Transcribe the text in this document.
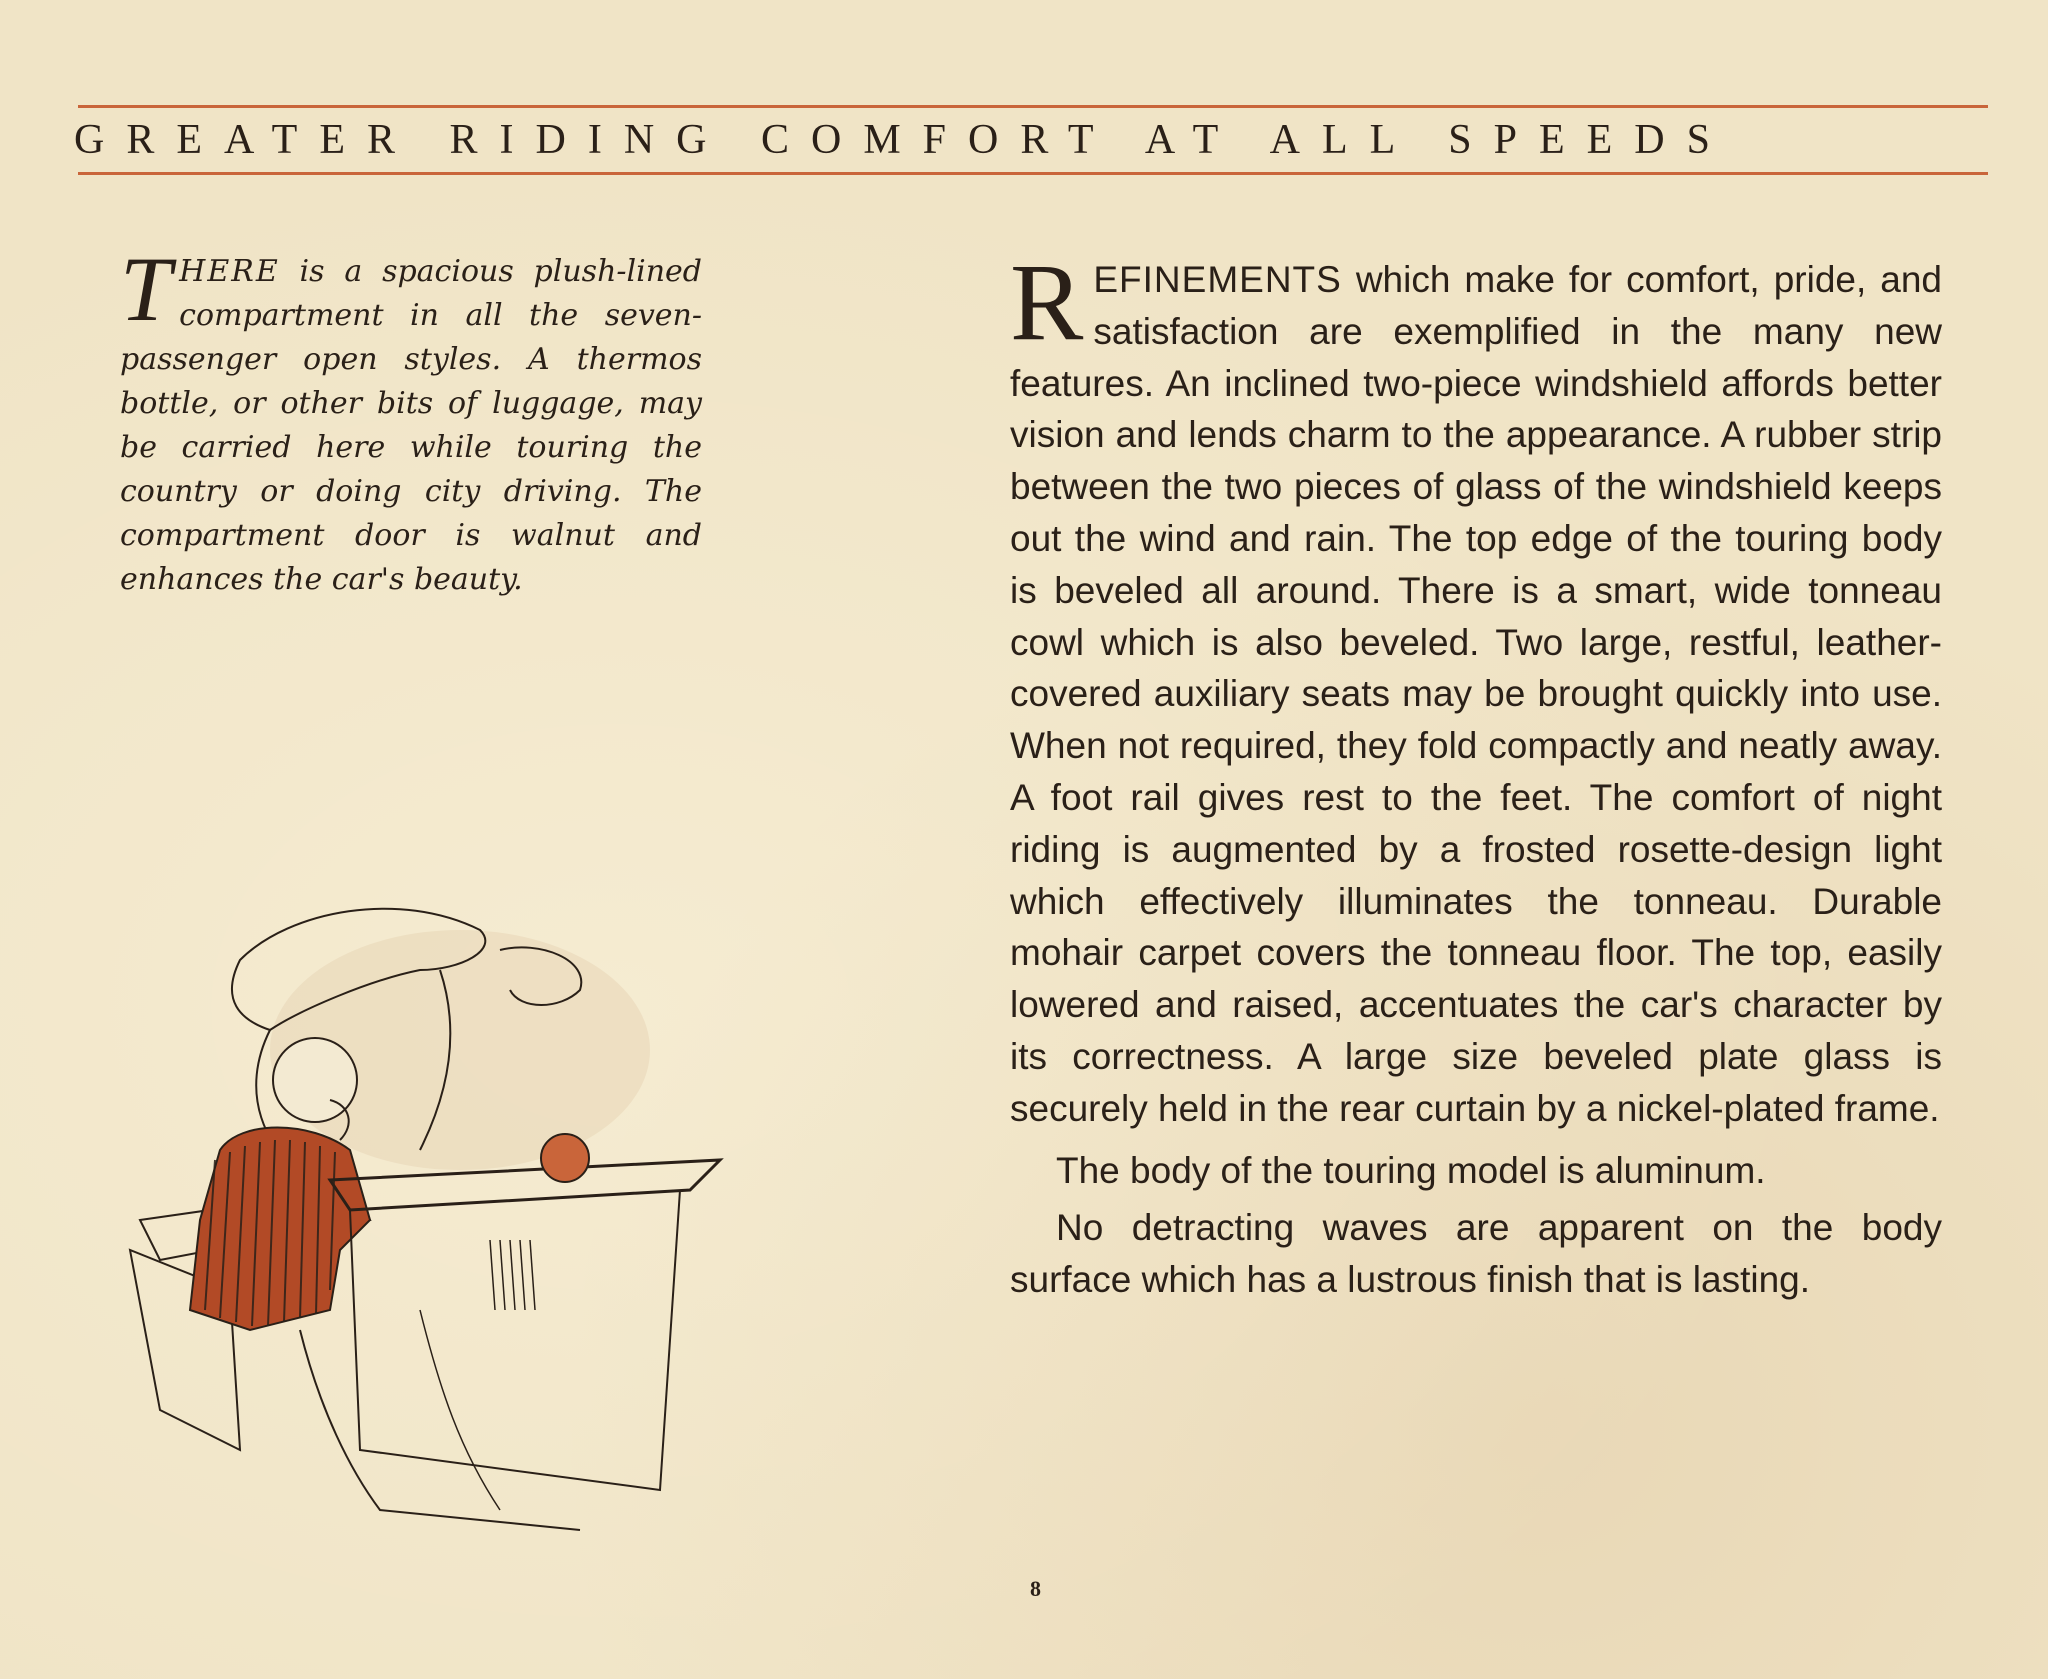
GREATER RIDING COMFORT AT ALL SPEEDS
THERE is a spacious plush-lined compartment in all the seven-passenger open styles. A thermos bottle, or other bits of luggage, may be carried here while touring the country or doing city driving. The compartment door is walnut and enhances the car's beauty.

REFINEMENTS which make for comfort, pride, and satisfaction are exemplified in the many new features. An inclined two-piece windshield affords better vision and lends charm to the appearance. A rubber strip between the two pieces of glass of the windshield keeps out the wind and rain. The top edge of the touring body is beveled all around. There is a smart, wide tonneau cowl which is also beveled. Two large, restful, leather-covered auxiliary seats may be brought quickly into use. When not required, they fold compactly and neatly away. A foot rail gives rest to the feet. The comfort of night riding is augmented by a frosted rosette-design light which effectively illuminates the tonneau. Durable mohair carpet covers the tonneau floor. The top, easily lowered and raised, accentuates the car's character by its correctness. A large size beveled plate glass is securely held in the rear curtain by a nickel-plated frame.

The body of the touring model is aluminum.

No detracting waves are apparent on the body surface which has a lustrous finish that is lasting.

8
